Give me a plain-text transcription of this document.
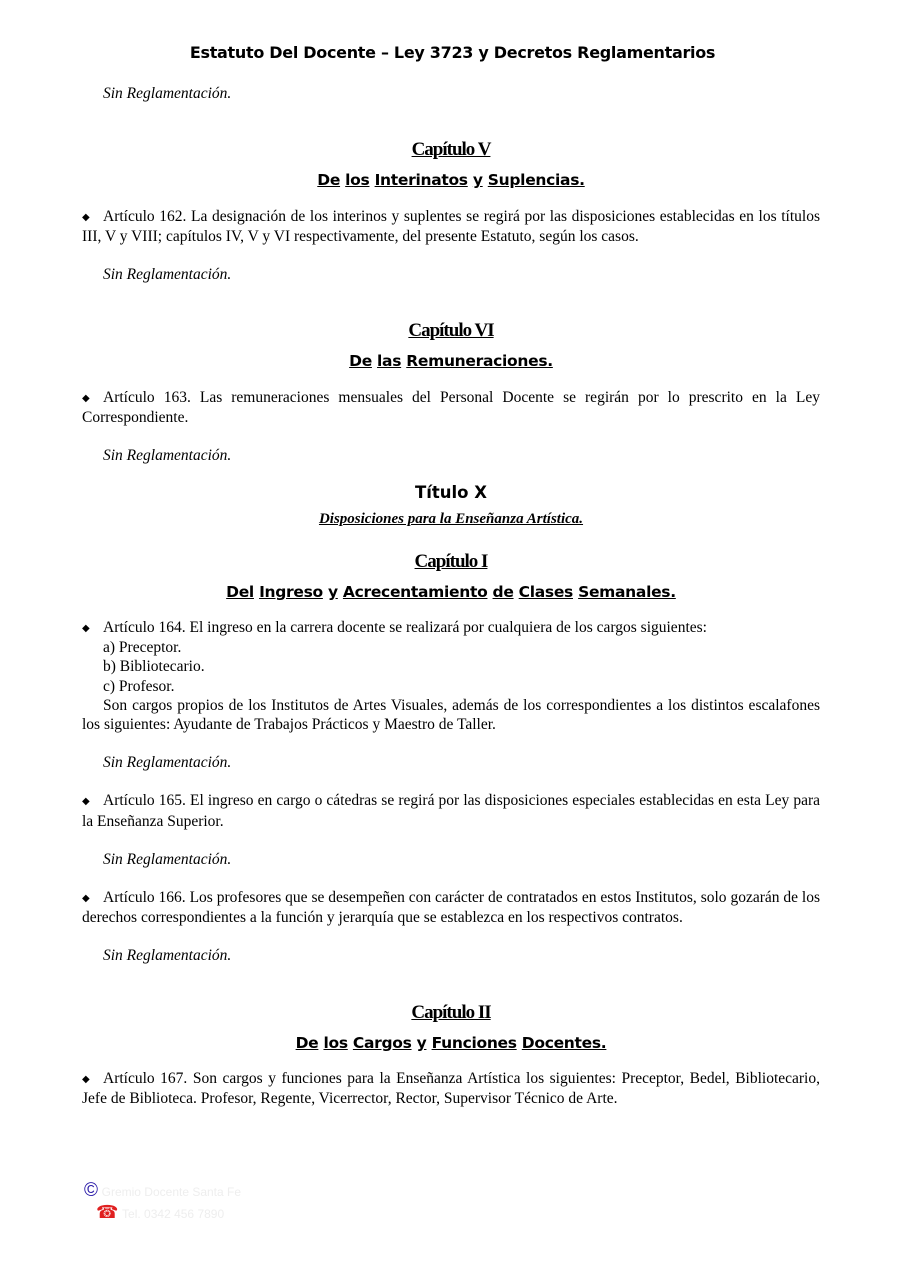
Estatuto Del Docente – Ley 3723 y Decretos Reglamentarios

Sin Reglamentación.

Capítulo V

De los Interinatos y Suplencias.

◆ Artículo 162. La designación de los interinos y suplentes se regirá por las disposiciones establecidas en los títulos III, V y VIII; capítulos IV, V y VI respectivamente, del presente Estatuto, según los casos.

Sin Reglamentación.

Capítulo VI

De las Remuneraciones.

◆ Artículo 163. Las remuneraciones mensuales del Personal Docente se regirán por lo prescrito en la Ley Correspondiente.

Sin Reglamentación.

Título X

Disposiciones para la Enseñanza Artística.

Capítulo I

Del Ingreso y Acrecentamiento de Clases Semanales.

◆ Artículo 164. El ingreso en la carrera docente se realizará por cualquiera de los cargos siguientes:

a) Preceptor.

b) Bibliotecario.

c) Profesor.

Son cargos propios de los Institutos de Artes Visuales, además de los correspondientes a los distintos escalafones los siguientes: Ayudante de Trabajos Prácticos y Maestro de Taller.

Sin Reglamentación.

◆ Artículo 165. El ingreso en cargo o cátedras se regirá por las disposiciones especiales establecidas en esta Ley para la Enseñanza Superior.

Sin Reglamentación.

◆ Artículo 166. Los profesores que se desempeñen con carácter de contratados en estos Institutos, solo gozarán de los derechos correspondientes a la función y jerarquía que se establezca en los respectivos contratos.

Sin Reglamentación.

Capítulo II

De los Cargos y Funciones Docentes.

◆ Artículo 167. Son cargos y funciones para la Enseñanza Artística los siguientes: Preceptor, Bedel, Bibliotecario, Jefe de Biblioteca. Profesor, Regente, Vicerrector, Rector, Supervisor Técnico de Arte.

© Gremio Docente Santa Fe
☎ Tel. 0342 456 7890
